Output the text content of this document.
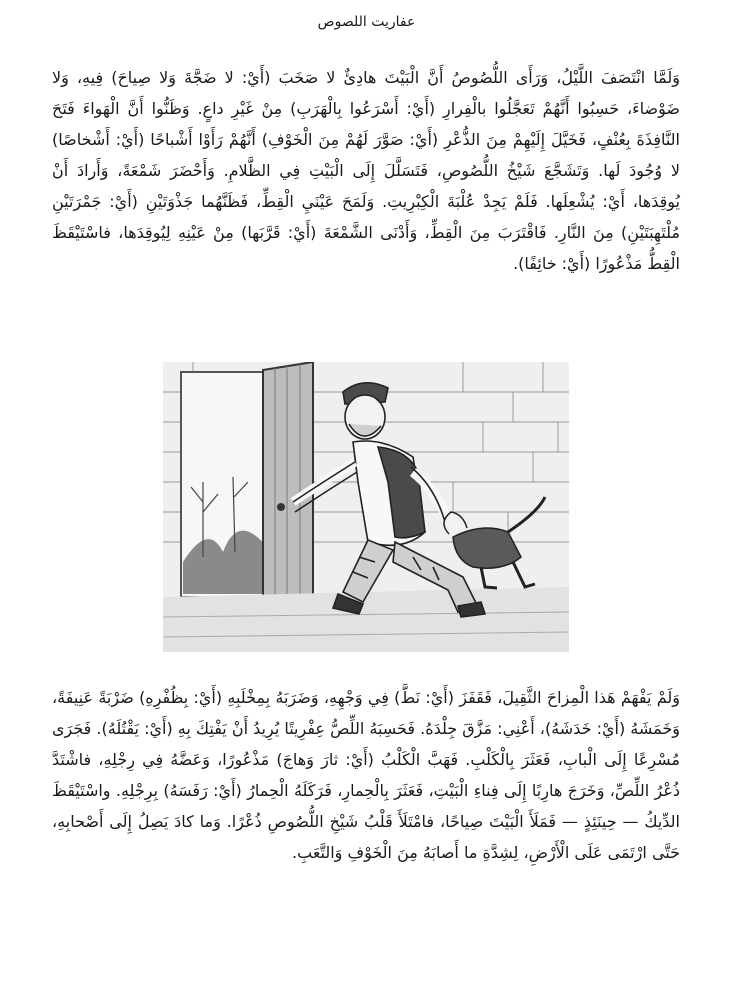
عفاريت اللصوص

وَلَمَّا انْتَصَفَ اللَّيْلُ، وَرَأَى اللُّصُوصُ أَنَّ الْبَيْتَ هادِئٌ لا صَخَبَ (أَيْ: لا ضَجَّةَ وَلا صِياحَ) فِيهِ، وَلا ضَوْضاءَ، حَسِبُوا أَنَّهُمْ تَعَجَّلُوا بالْفِرارِ (أَيْ: أَسْرَعُوا بِالْهَرَبِ) مِنْ غَيْرِ داعٍ. وَظَنُّوا أَنَّ الْهَواءَ فَتَحَ النَّافِذَةَ بِعُنْفٍ، فَخَيَّلَ إِلَيْهِمْ مِنَ الذُّعْرِ (أَيْ: صَوَّرَ لَهُمْ مِنَ الْخَوْفِ) أَنَّهُمْ رَأَوْا أَشْباحًا (أَيْ: أَشْخاصًا) لا وُجُودَ لَها. وَتَشَجَّعَ شَيْخُ اللُّصُوصِ، فَتَسَلَّلَ إِلَى الْبَيْتِ فِي الظَّلامِ. وَأَحْضَرَ شَمْعَةً، وَأَرادَ أَنْ يُوقِدَها، أَيْ: يُشْعِلَها. فَلَمْ يَجِدْ عُلْبَةَ الْكِبْرِيتِ. وَلَمَحَ عَيْنَيِ الْقِطِّ، فَظَنَّهُما جَذْوَتَيْنِ (أَيْ: جَمْرَتَيْنِ مُلْتَهِبَتَيْنِ) مِنَ النَّارِ. فَاقْتَرَبَ مِنَ الْقِطِّ، وَأَدْنَى الشَّمْعَةَ (أَيْ: قَرَّبَها) مِنْ عَيْنِهِ لِيُوقِدَها، فاسْتَيْقَظَ الْقِطُّ مَذْعُورًا (أَيْ: خائِفًا).

وَلَمْ يَفْهَمْ هَذا الْمِزاحَ الثَّقِيلَ، فَقَفَزَ (أَيْ: نَطَّ) فِي وَجْهِهِ، وَضَرَبَهُ بِمِخْلَبِهِ (أَيْ: بِظُفْرِهِ) ضَرْبَةً عَنِيفَةً، وَخَمَشَهُ (أَيْ: خَدَشَهُ)، أَعْنِي: مَزَّقَ جِلْدَهُ. فَحَسِبَهُ اللِّصُّ عِفْرِيتًا يُرِيدُ أَنْ يَفْتِكَ بِهِ (أَيْ: يَقْتُلَهُ). فَجَرَى مُسْرِعًا إِلَى الْبابِ، فَعَثَرَ بِالْكَلْبِ. فَهَبَّ الْكَلْبُ (أَيْ: ثارَ وَهاجَ) مَذْعُورًا، وَعَضَّهُ فِي رِجْلِهِ، فاشْتَدَّ ذُعْرُ اللِّصِّ، وَخَرَجَ هارِبًا إِلَى فِناءِ الْبَيْتِ، فَعَثَرَ بِالْحِمارِ، فَرَكَلَهُ الْحِمارُ (أَيْ: رَفَسَهُ) بِرِجْلِهِ. واسْتَيْقَظَ الدِّيكُ — حِينَئِذٍ — فَمَلَأَ الْبَيْتَ صِياحًا، فامْتَلَأَ قَلْبُ شَيْخِ اللُّصُوصِ ذُعْرًا. وَما كادَ يَصِلُ إِلَى أَصْحابِهِ، حَتَّى ارْتَمَى عَلَى الْأَرْضِ، لِشِدَّةِ ما أَصابَهُ مِنَ الْخَوْفِ وَالتَّعَبِ.
